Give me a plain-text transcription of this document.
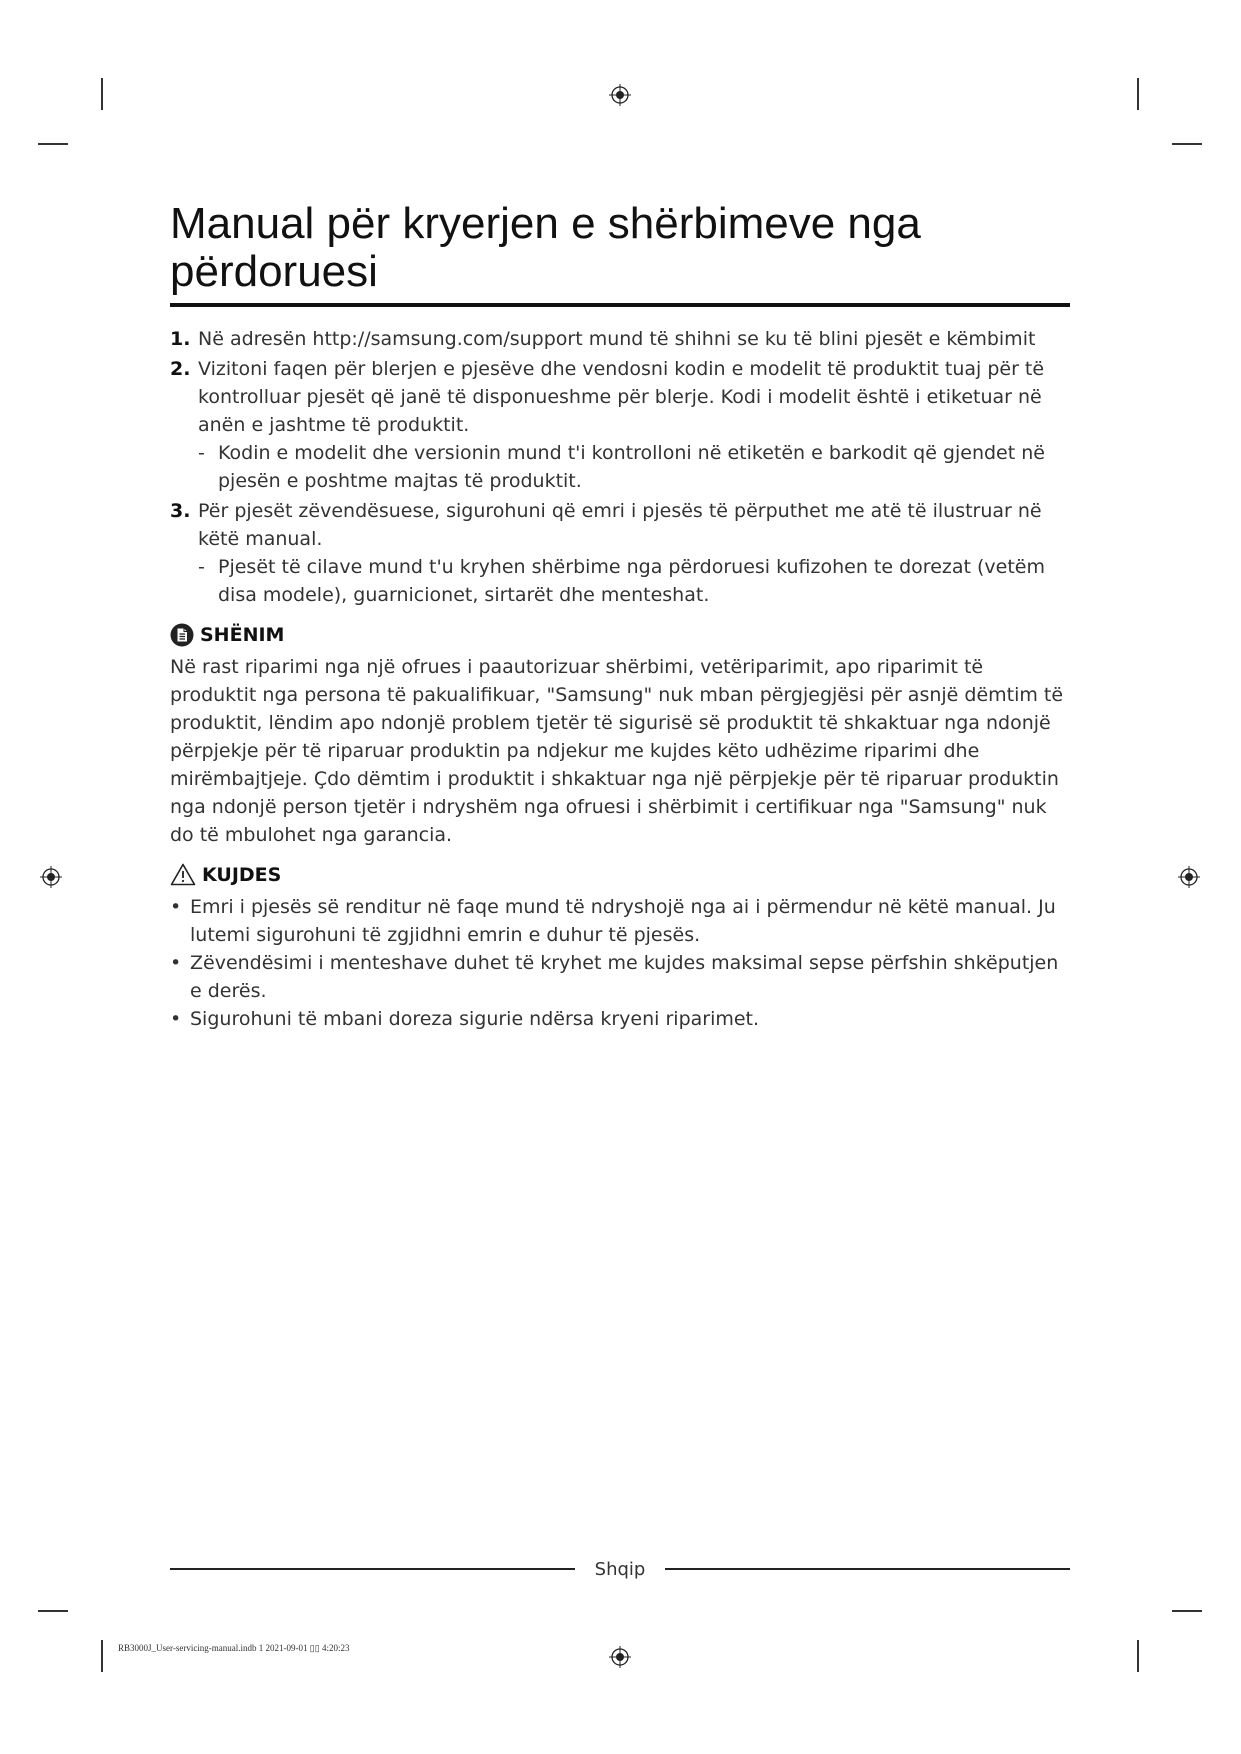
Manual për kryerjen e shërbimeve nga përdoruesi
1. Në adresën http://samsung.com/support mund të shihni se ku të blini pjesët e këmbimit
2. Vizitoni faqen për blerjen e pjesëve dhe vendosni kodin e modelit të produktit tuaj për të kontrolluar pjesët që janë të disponueshme për blerje. Kodi i modelit është i etiketuar në anën e jashtme të produktit.
- Kodin e modelit dhe versionin mund t'i kontrolloni në etiketën e barkodit që gjendet në pjesën e poshtme majtas të produktit.
3. Për pjesët zëvendësuese, sigurohuni që emri i pjesës të përputhet me atë të ilustruar në këtë manual.
- Pjesët të cilave mund t'u kryhen shërbime nga përdoruesi kufizohen te dorezat (vetëm disa modele), guarnicionet, sirtarët dhe menteshat.
SHËNIM

Në rast riparimi nga një ofrues i paautorizuar shërbimi, vetëriparimit, apo riparimit të produktit nga persona të pakualifikuar, "Samsung" nuk mban përgjegjësi për asnjë dëmtim të produktit, lëndim apo ndonjë problem tjetër të sigurisë së produktit të shkaktuar nga ndonjë përpjekje për të riparuar produktin pa ndjekur me kujdes këto udhëzime riparimi dhe mirëmbajtjeje. Çdo dëmtim i produktit i shkaktuar nga një përpjekje për të riparuar produktin nga ndonjë person tjetër i ndryshëm nga ofruesi i shërbimit i certifikuar nga "Samsung" nuk do të mbulohet nga garancia.

KUJDES
• Emri i pjesës së renditur në faqe mund të ndryshojë nga ai i përmendur në këtë manual. Ju lutemi sigurohuni të zgjidhni emrin e duhur të pjesës.
• Zëvendësimi i menteshave duhet të kryhet me kujdes maksimal sepse përfshin shkëputjen e derës.
• Sigurohuni të mbani doreza sigurie ndërsa kryeni riparimet.
Shqip
RB3000J_User-servicing-manual.indb 1 2021-09-01 ▯▯ 4:20:23
